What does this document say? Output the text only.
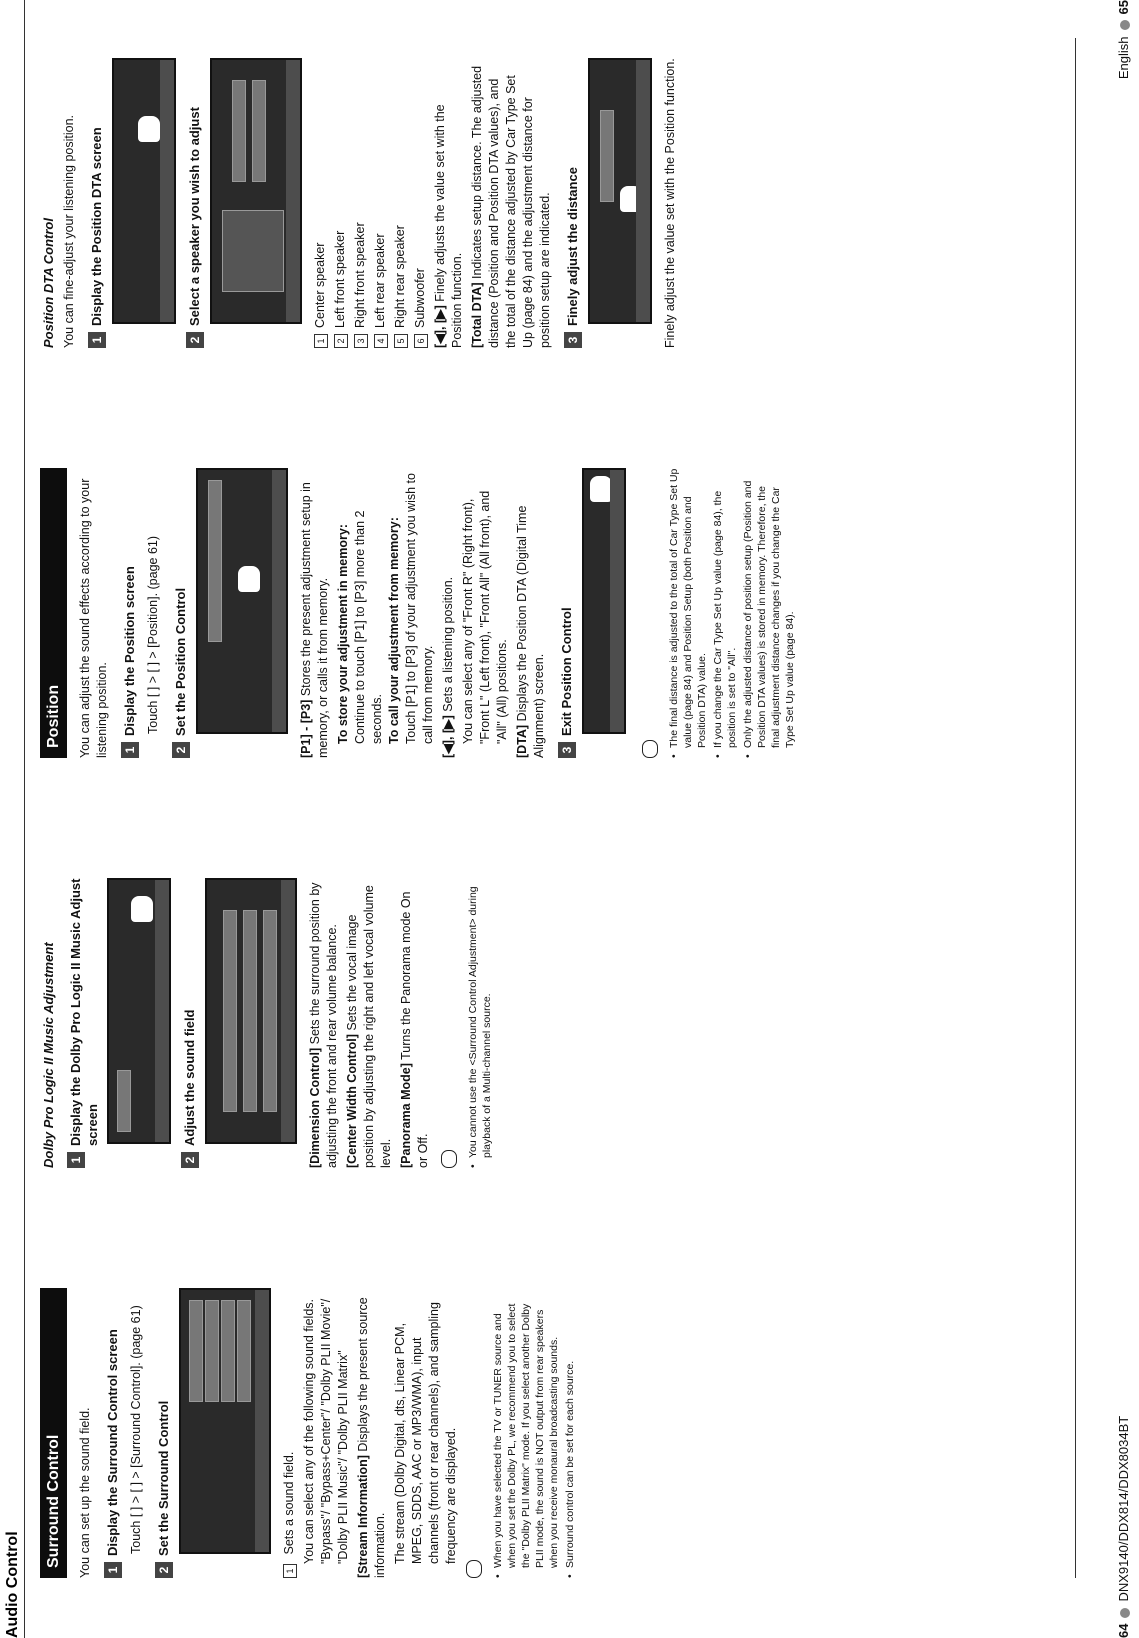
Audio Control
Surround Control	You can set up the sound field. 1
Display the Surround Control screen Touch [ ] > [ ] > [Surround Control]. (page 61)
2
Set the Surround Control
1 Sets a sound field. You can select any of the following sound fields. "Bypass"/ "Bypass+Center"/ "Dolby PLII Movie"/ "Dolby PLII Music"/ "Dolby PLII Matrix" [Stream Information] Displays the present source information. The stream (Dolby Digital, dts, Linear PCM, MPEG, SDDS, AAC or MP3/WMA), input channels (front or rear channels), and sampling frequency are displayed.	• When you have selected the TV or TUNER source and when you set the Dolby PL, we recommend you to select the "Dolby PLII Matrix" mode. If you select another Dolby PLII mode, the sound is NOT output from rear speakers when you receive monaural broadcasting sounds. • Surround control can be set for each source.
Dolby Pro Logic II Music Adjustment 1
Display the Dolby Pro Logic II Music Adjust screen
2
Adjust the sound field	[Dimension Control] Sets the surround position by adjusting the front and rear volume balance. [Center Width Control] Sets the vocal image position by adjusting the right and left vocal volume level. [Panorama Mode] Turns the Panorama mode On or Off.	• You cannot use the <Surround Control Adjustment> during playback of a Multi-channel source.
Position	You can adjust the sound effects according to your listening position. 1
Display the Position screen Touch [ ] > [ ] > [Position]. (page 61)
2
Set the Position Control	[P1] - [P3] Stores the present adjustment setup in memory, or calls it from memory. To store your adjustment in memory: Continue to touch [P1] to [P3] more than 2 seconds. To call your adjustment from memory: Touch [P1] to [P3] of your adjustment you wish to call from memory. [◀], [▶] Sets a listening position. You can select any of "Front R" (Right front), "Front L" (Left front), "Front All" (All front), and "All" (All) positions. [DTA] Displays the Position DTA (Digital Time Alignment) screen. 3
Exit Position Control	• The final distance is adjusted to the total of Car Type Set Up value (page 84) and Position Setup (both Position and Position DTA) value. • If you change the Car Type Set Up value (page 84), the position is set to "All". • Only the adjusted distance of position setup (Position and Position DTA values) is stored in memory. Therefore, the final adjustment distance changes if you change the Car Type Set Up value (page 84).
Position DTA Control You can fine-adjust your listening position. 1
Display the Position DTA screen
2
Select a speaker you wish to adjust
1Center speaker
2Left front speaker
3Right front speaker
4Left rear speaker
5Right rear speaker
6Subwoofer [◀], [▶] Finely adjusts the value set with the Position function. [Total DTA] Indicates setup distance. The adjusted distance (Position and Position DTA values), and the total of the distance adjusted by Car Type Set Up (page 84) and the adjustment distance for position setup are indicated. 3
Finely adjust the distance	Finely adjust the value set with the Position function.
64DNX9140/DDX814/DDX8034BT
English65
